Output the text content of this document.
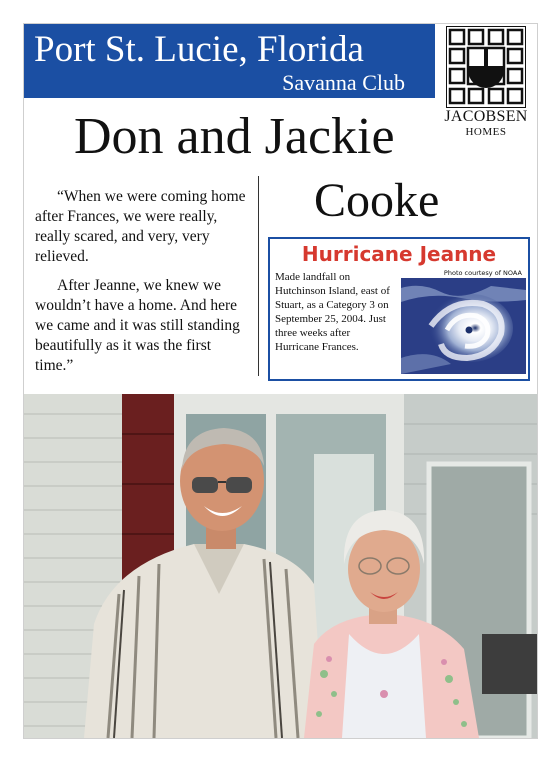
Port St. Lucie, Florida
Savanna Club
JACOBSEN
HOMES
Don and Jackie
Cooke

“When we were coming home after Frances, we were really, really scared, and very, very relieved.

After Jeanne, we knew we wouldn’t have a home. And here we came and it was still standing beautifully as it was the first time.”

Hurricane Jeanne
Photo courtesy of NOAA
Made landfall on Hutchinson Island, east of Stuart, as a Category 3 on September 25, 2004. Just three weeks after Hurricane Frances.
